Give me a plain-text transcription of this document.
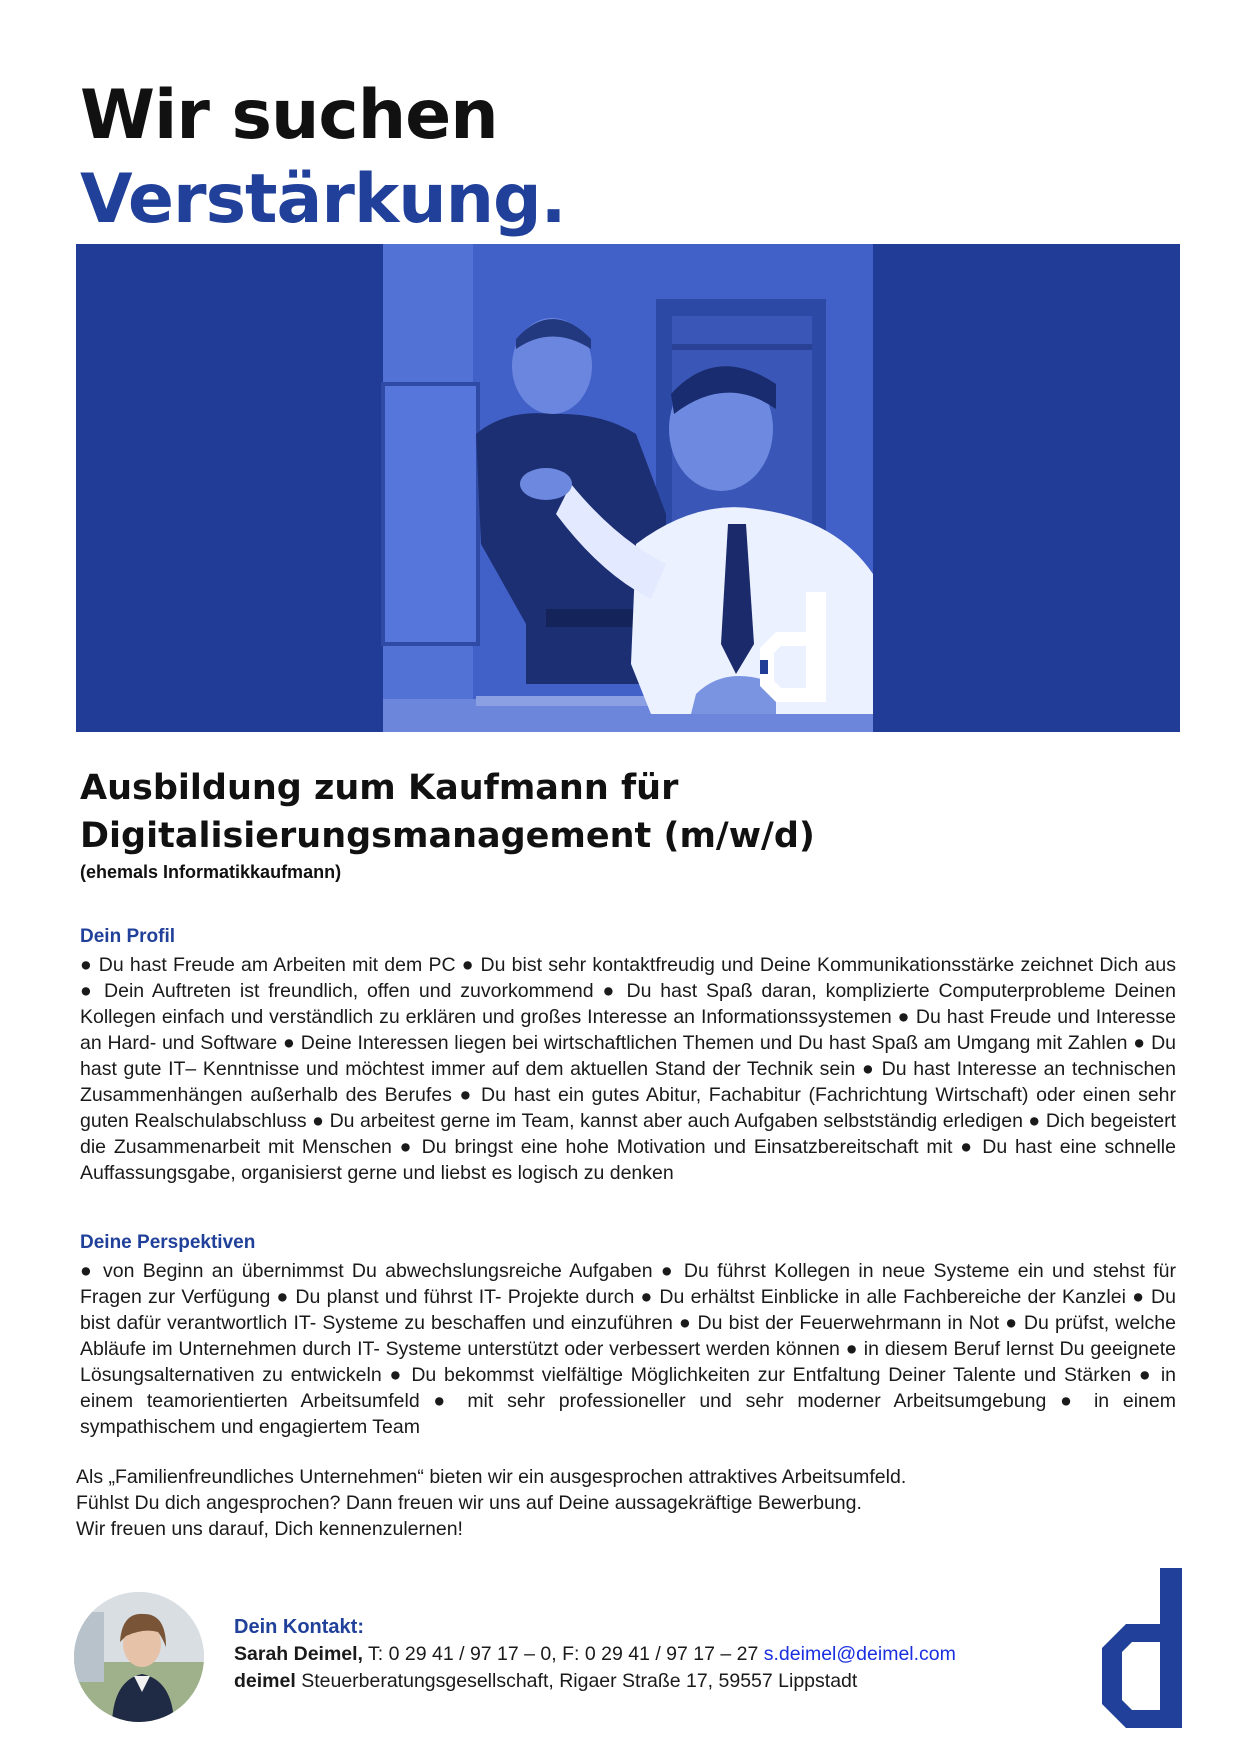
Wir suchen
Verstärkung.
Ausbildung zum Kaufmann für Digitalisierungsmanagement (m/w/d)
(ehemals Informatikkaufmann)
Dein Profil

● Du hast Freude am Arbeiten mit dem PC ● Du bist sehr kontaktfreudig und Deine Kommunikationsstärke zeichnet Dich aus ● Dein Auftreten ist freundlich, offen und zuvorkommend ● Du hast Spaß daran, komplizierte Computerprobleme Deinen Kollegen einfach und verständlich zu erklären und großes Interesse an Informationssystemen ● Du hast Freude und Interesse an Hard- und Software ● Deine Interessen liegen bei wirtschaftlichen Themen und Du hast Spaß am Umgang mit Zahlen ● Du hast gute IT– Kenntnisse und möchtest immer auf dem aktuellen Stand der Technik sein ● Du hast Interesse an technischen Zusammenhängen außerhalb des Berufes ● Du hast ein gutes Abitur, Fachabitur (Fachrichtung Wirtschaft) oder einen sehr guten Realschulabschluss ● Du arbeitest gerne im Team, kannst aber auch Aufgaben selbstständig erledigen ● Dich begeistert die Zusammenarbeit mit Menschen ● Du bringst eine hohe Motivation und Einsatzbereitschaft mit ● Du hast eine schnelle Auffassungsgabe, organisierst gerne und liebst es logisch zu denken

Deine Perspektiven

● von Beginn an übernimmst Du abwechslungsreiche Aufgaben ● Du führst Kollegen in neue Systeme ein und stehst für Fragen zur Verfügung ● Du planst und führst IT- Projekte durch ● Du erhältst Einblicke in alle Fachbereiche der Kanzlei ● Du bist dafür verantwortlich IT- Systeme zu beschaffen und einzuführen ● Du bist der Feuerwehrmann in Not ● Du prüfst, welche Abläufe im Unternehmen durch IT- Systeme unterstützt oder verbessert werden können ● in diesem Beruf lernst Du geeignete Lösungsalternativen zu entwickeln ● Du bekommst vielfältige Möglichkeiten zur Entfaltung Deiner Talente und Stärken ● in einem teamorientierten Arbeitsumfeld ● mit sehr professioneller und sehr moderner Arbeitsumgebung ● in einem sympathischem und engagiertem Team

Als „Familienfreundliches Unternehmen“ bieten wir ein ausgesprochen attraktives Arbeitsumfeld.
Fühlst Du dich angesprochen? Dann freuen wir uns auf Deine aussagekräftige Bewerbung.
Wir freuen uns darauf, Dich kennenzulernen!
Dein Kontakt:
Sarah Deimel, T: 0 29 41 / 97 17 – 0, F: 0 29 41 / 97 17 – 27 s.deimel@deimel.com
deimel Steuerberatungsgesellschaft, Rigaer Straße 17, 59557 Lippstadt
